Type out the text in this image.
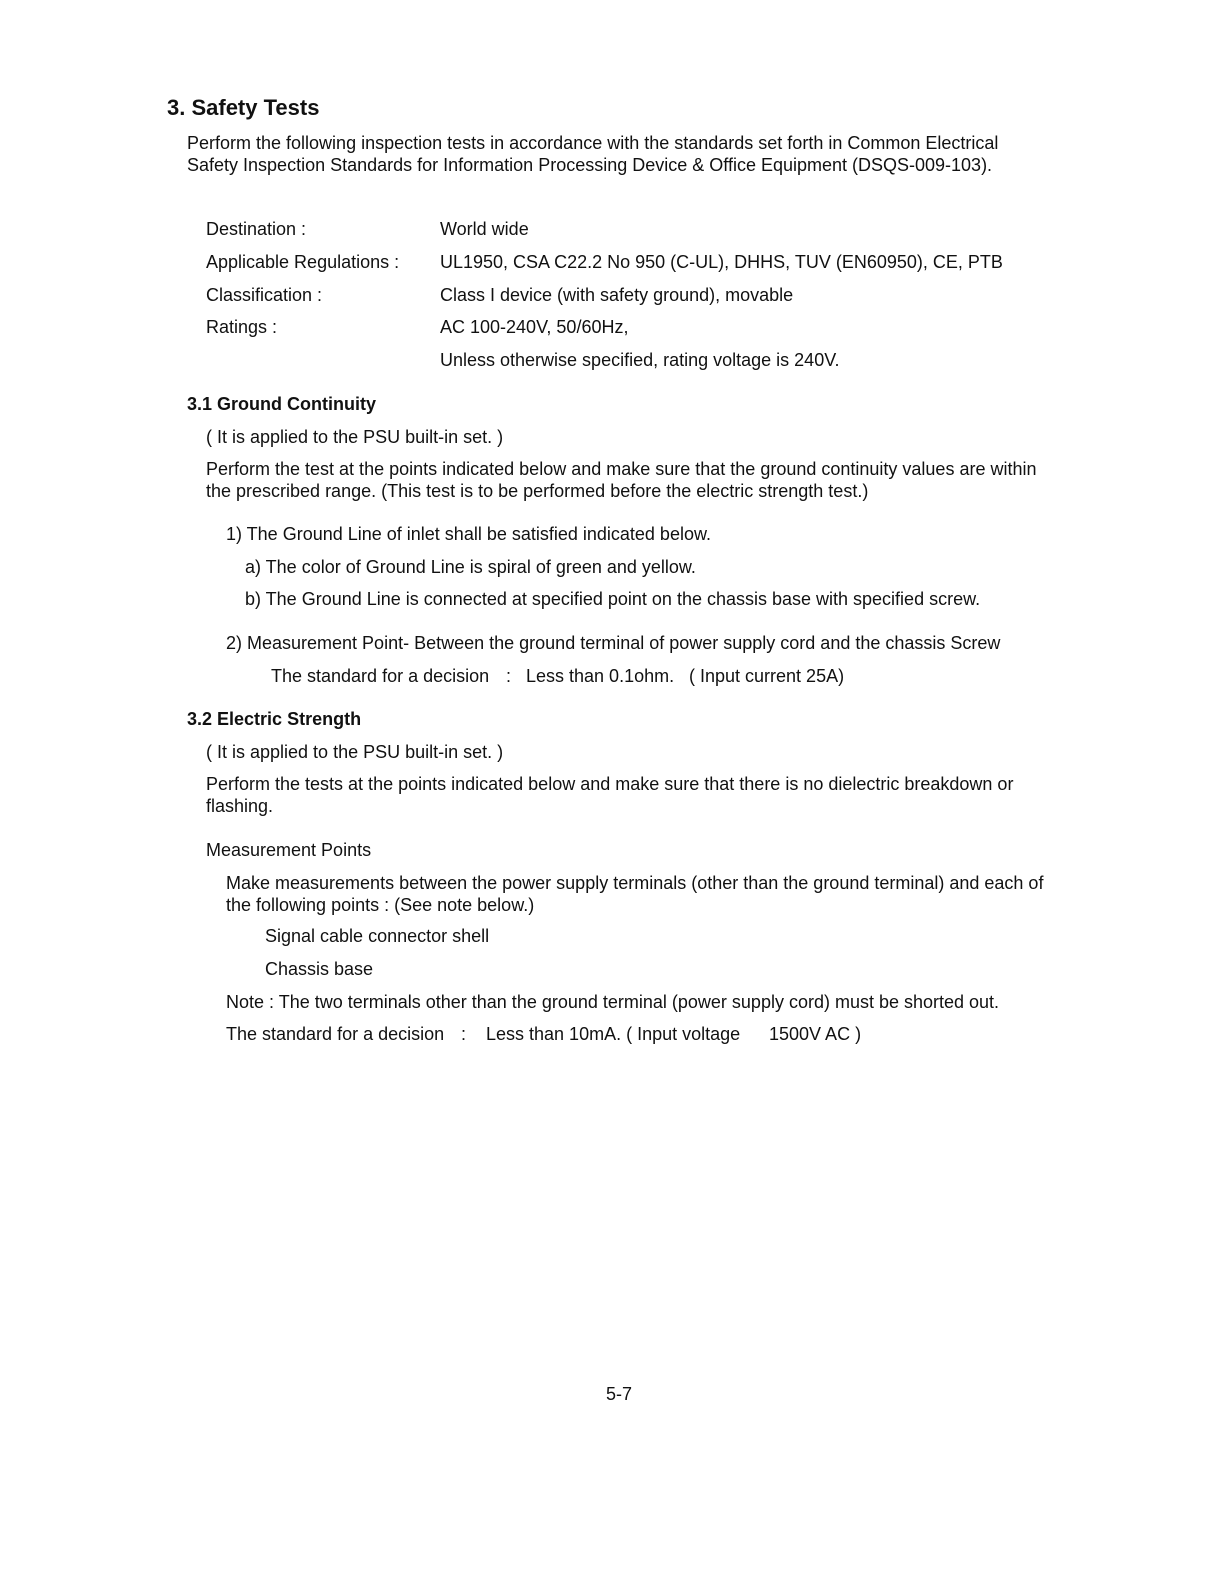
3. Safety Tests
Perform the following inspection tests in accordance with the standards set forth in Common Electrical Safety Inspection Standards for Information Processing Device & Office Equipment (DSQS-009-103).
Destination :	World wide
Applicable Regulations : UL1950, CSA C22.2 No 950 (C-UL), DHHS, TUV (EN60950), CE, PTB
Classification :	Class I device (with safety ground), movable
Ratings :	AC 100-240V, 50/60Hz,
Unless otherwise specified, rating voltage is 240V.
3.1 Ground Continuity
( It is applied to the PSU built-in set. )
Perform the test at the points indicated below and make sure that the ground continuity values are within the prescribed range. (This test is to be performed before the electric strength test.)
1) The Ground Line of inlet shall be satisfied indicated below.
a) The color of Ground Line is spiral of green and yellow.
b) The Ground Line is connected at specified point on the chassis base with specified screw.
2) Measurement Point- Between the ground terminal of power supply cord and the chassis Screw
The standard for a decision : Less than 0.1ohm. ( Input current 25A)
3.2 Electric Strength
( It is applied to the PSU built-in set. )
Perform the tests at the points indicated below and make sure that there is no dielectric breakdown or flashing.
Measurement Points
Make measurements between the power supply terminals (other than the ground terminal) and each of the following points : (See note below.)
Signal cable connector shell
Chassis base
Note : The two terminals other than the ground terminal (power supply cord) must be shorted out.
The standard for a decision : Less than 10mA. ( Input voltage 1500V AC )
5-7
